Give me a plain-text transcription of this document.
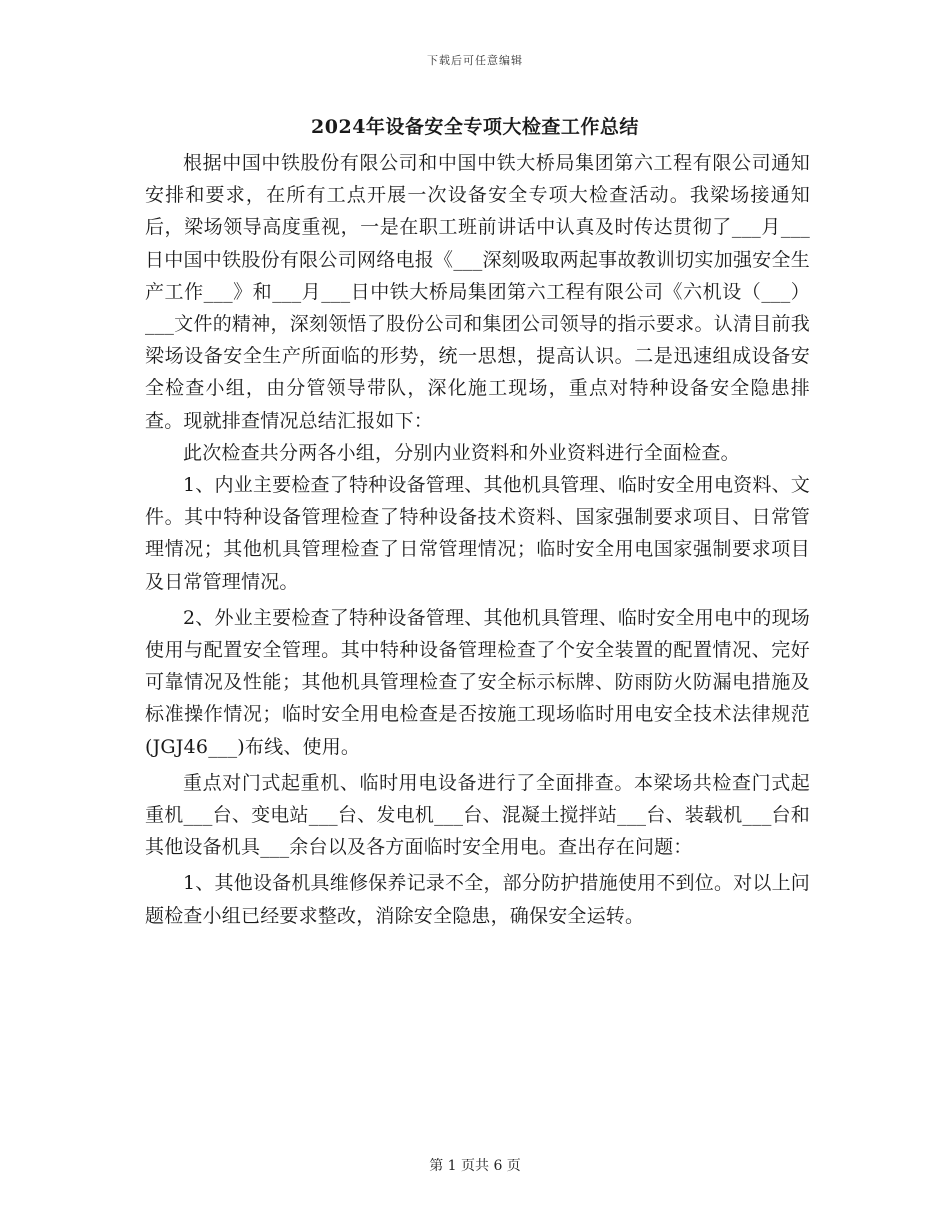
下载后可任意编辑
2024年设备安全专项大检查工作总结

根据中国中铁股份有限公司和中国中铁大桥局集团第六工程有限公司通知安排和要求，在所有工点开展一次设备安全专项大检查活动。我梁场接通知后，梁场领导高度重视，一是在职工班前讲话中认真及时传达贯彻了___月___日中国中铁股份有限公司网络电报《___深刻吸取两起事故教训切实加强安全生产工作___》和___月___日中铁大桥局集团第六工程有限公司《六机设（___）___文件的精神，深刻领悟了股份公司和集团公司领导的指示要求。认清目前我梁场设备安全生产所面临的形势，统一思想，提高认识。二是迅速组成设备安全检查小组，由分管领导带队，深化施工现场，重点对特种设备安全隐患排查。现就排查情况总结汇报如下：

此次检查共分两各小组，分别内业资料和外业资料进行全面检查。

1、内业主要检查了特种设备管理、其他机具管理、临时安全用电资料、文件。其中特种设备管理检查了特种设备技术资料、国家强制要求项目、日常管理情况；其他机具管理检查了日常管理情况；临时安全用电国家强制要求项目及日常管理情况。

2、外业主要检查了特种设备管理、其他机具管理、临时安全用电中的现场使用与配置安全管理。其中特种设备管理检查了个安全装置的配置情况、完好可靠情况及性能；其他机具管理检查了安全标示标牌、防雨防火防漏电措施及标准操作情况；临时安全用电检查是否按施工现场临时用电安全技术法律规范(JGJ46___)布线、使用。

重点对门式起重机、临时用电设备进行了全面排查。本梁场共检查门式起重机___台、变电站___台、发电机___台、混凝土搅拌站___台、装载机___台和其他设备机具___余台以及各方面临时安全用电。查出存在问题：

1、其他设备机具维修保养记录不全，部分防护措施使用不到位。对以上问题检查小组已经要求整改，消除安全隐患，确保安全运转。

第 1 页共 6 页
